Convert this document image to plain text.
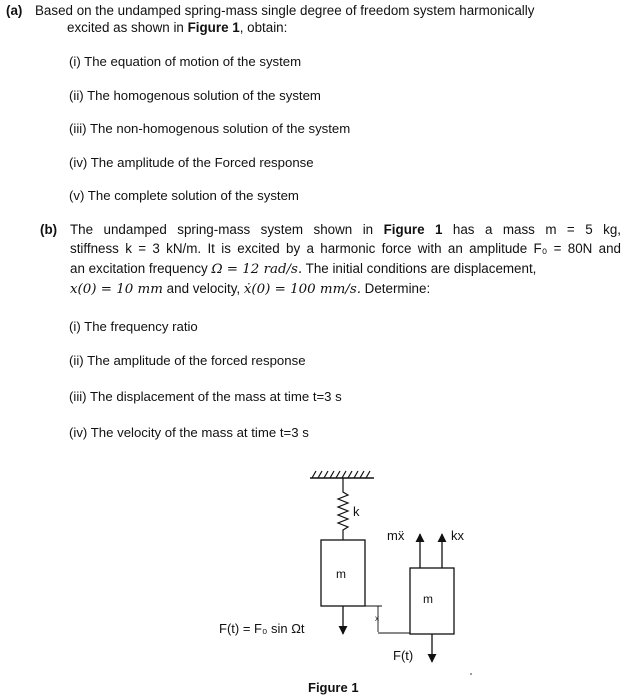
(a) Based on the undamped spring-mass single degree of freedom system harmonically
excited as shown in Figure 1, obtain:
(i) The equation of motion of the system
(ii) The homogenous solution of the system
(iii) The non-homogenous solution of the system
(iv) The amplitude of the Forced response
(v) The complete solution of the system
(b) The undamped spring-mass system shown in Figure 1 has a mass m = 5 kg,
stiffness k = 3 kN/m. It is excited by a harmonic force with an amplitude F₀ = 80N and
an excitation frequency Ω = 12 rad/s. The initial conditions are displacement,
x(0) = 10 mm and velocity, ẋ(0) = 100 mm/s. Determine:
(i) The frequency ratio
(ii) The amplitude of the forced response
(iii) The displacement of the mass at time t=3 s
(iv) The velocity of the mass at time t=3 s
k
m
F(t) = F₀ sin Ωt
x
m
mẍ	kx
F(t)
Figure 1
